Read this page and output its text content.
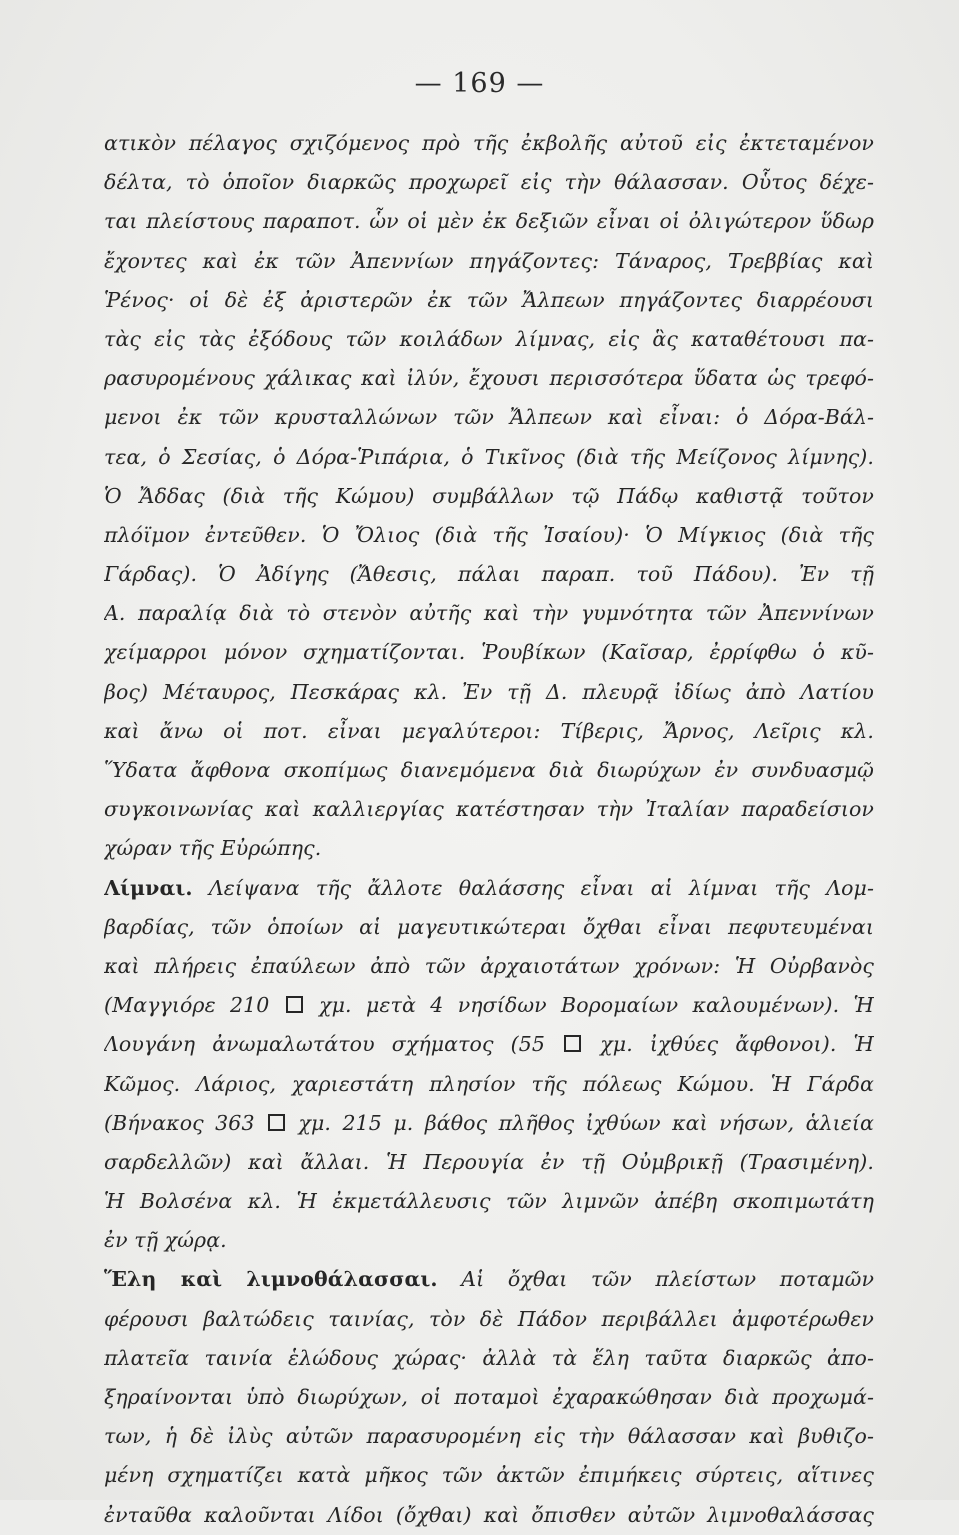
— 169 —
ατικὸν πέλαγος σχιζόμενος πρὸ τῆς ἐκβολῆς αὐτοῦ εἰς ἐκτεταμένον
δέλτα, τὸ ὁποῖον διαρκῶς προχωρεῖ εἰς τὴν θάλασσαν. Οὗτος δέχε-
ται πλείστους παραποτ. ὧν οἱ μὲν ἐκ δεξιῶν εἶναι οἱ ὀλιγώτερον ὕδωρ
ἔχοντες καὶ ἐκ τῶν Ἀπεννίων πηγάζοντες: Τάναρος, Τρεββίας καὶ
Ῥένος· οἱ δὲ ἐξ ἀριστερῶν ἐκ τῶν Ἄλπεων πηγάζοντες διαρρέουσι
τὰς εἰς τὰς ἐξόδους τῶν κοιλάδων λίμνας, εἰς ἃς καταθέτουσι πα-
ρασυρομένους χάλικας καὶ ἰλύν, ἔχουσι περισσότερα ὕδατα ὡς τρεφό-
μενοι ἐκ τῶν κρυσταλλώνων τῶν Ἄλπεων καὶ εἶναι: ὁ Δόρα-Βάλ-
τεα, ὁ Σεσίας, ὁ Δόρα-Ῥιπάρια, ὁ Τικῖνος (διὰ τῆς Μείζονος λίμνης).
Ὁ Ἄδδας (διὰ τῆς Κώμου) συμβάλλων τῷ Πάδῳ καθιστᾷ τοῦτον
πλόϊμον ἐντεῦθεν. Ὁ Ὄλιος (διὰ τῆς Ἰσαίου)· Ὁ Μίγκιος (διὰ τῆς
Γάρδας). Ὁ Ἀδίγης (Ἄθεσις, πάλαι παραπ. τοῦ Πάδου). Ἐν τῇ
Α. παραλίᾳ διὰ τὸ στενὸν αὐτῆς καὶ τὴν γυμνότητα τῶν Ἀπεννίνων
χείμαρροι μόνον σχηματίζονται. Ῥουβίκων (Καῖσαρ, ἐρρίφθω ὁ κῦ-
βος) Μέταυρος, Πεσκάρας κλ. Ἐν τῇ Δ. πλευρᾷ ἰδίως ἀπὸ Λατίου
καὶ ἄνω οἱ ποτ. εἶναι μεγαλύτεροι: Τίβερις, Ἄρνος, Λεῖρις κλ.
Ὕδατα ἄφθονα σκοπίμως διανεμόμενα διὰ διωρύχων ἐν συνδυασμῷ
συγκοινωνίας καὶ καλλιεργίας κατέστησαν τὴν Ἰταλίαν παραδείσιον
χώραν τῆς Εὐρώπης.
Λίμναι. Λείψανα τῆς ἄλλοτε θαλάσσης εἶναι αἱ λίμναι τῆς Λομ-
βαρδίας, τῶν ὁποίων αἱ μαγευτικώτεραι ὄχθαι εἶναι πεφυτευμέναι
καὶ πλήρεις ἐπαύλεων ἀπὸ τῶν ἀρχαιοτάτων χρόνων: Ἡ Οὐρβανὸς
(Μαγγιόρε 210  χμ. μετὰ 4 νησίδων Βορομαίων καλουμένων). Ἡ
Λουγάνη ἀνωμαλωτάτου σχήματος (55  χμ. ἰχθύες ἄφθονοι). Ἡ
Κῶμος. Λάριος, χαριεστάτη πλησίον τῆς πόλεως Κώμου. Ἡ Γάρδα
(Βήνακος 363  χμ. 215 μ. βάθος πλῆθος ἰχθύων καὶ νήσων, ἁλιεία
σαρδελλῶν) καὶ ἄλλαι. Ἡ Περουγία ἐν τῇ Οὐμβρικῇ (Τρασιμένη).
Ἡ Βολσένα κλ. Ἡ ἐκμετάλλευσις τῶν λιμνῶν ἀπέβη σκοπιμωτάτη
ἐν τῇ χώρᾳ.
Ἕλη καὶ λιμνοθάλασσαι. Αἱ ὄχθαι τῶν πλείστων ποταμῶν
φέρουσι βαλτώδεις ταινίας, τὸν δὲ Πάδον περιβάλλει ἀμφοτέρωθεν
πλατεῖα ταινία ἑλώδους χώρας· ἀλλὰ τὰ ἕλη ταῦτα διαρκῶς ἀπο-
ξηραίνονται ὑπὸ διωρύχων, οἱ ποταμοὶ ἐχαρακώθησαν διὰ προχωμά-
των, ἡ δὲ ἰλὺς αὐτῶν παρασυρομένη εἰς τὴν θάλασσαν καὶ βυθιζο-
μένη σχηματίζει κατὰ μῆκος τῶν ἀκτῶν ἐπιμήκεις σύρτεις, αἵτινες
ἐνταῦθα καλοῦνται Λίδοι (ὄχθαι) καὶ ὄπισθεν αὐτῶν λιμνοθαλάσσας
